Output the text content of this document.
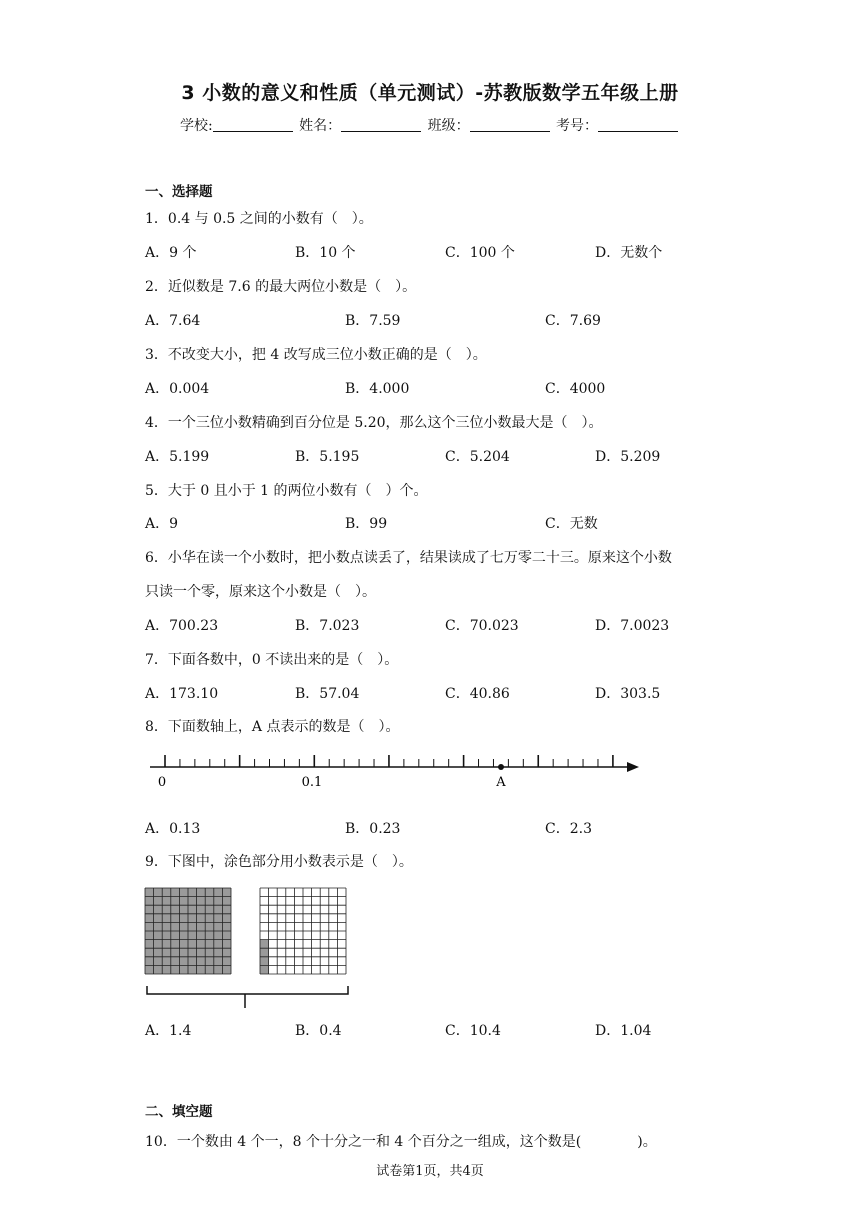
3 小数的意义和性质（单元测试）-苏教版数学五年级上册
学校:	姓名：	班级：	考号：
一、选择题
1．0.4 与 0.5 之间的小数有（　）。
A．9 个	B．10 个	C．100 个	D．无数个
2．近似数是 7.6 的最大两位小数是（　）。
A．7.64	B．7.59	C．7.69
3．不改变大小，把 4 改写成三位小数正确的是（　）。
A．0.004	B．4.000	C．4000
4．一个三位小数精确到百分位是 5.20，那么这个三位小数最大是（　）。
A．5.199	B．5.195	C．5.204	D．5.209
5．大于 0 且小于 1 的两位小数有（　）个。
A．9	B．99	C．无数
6．小华在读一个小数时，把小数点读丢了，结果读成了七万零二十三。原来这个小数
只读一个零，原来这个小数是（　）。
A．700.23	B．7.023	C．70.023	D．7.0023
7．下面各数中，0 不读出来的是（　）。
A．173.10	B．57.04	C．40.86	D．303.5
8．下面数轴上，A 点表示的数是（　）。
0	0.1	A
A．0.13	B．0.23	C．2.3
9．下图中，涂色部分用小数表示是（　）。
A．1.4	B．0.4	C．10.4	D．1.04
二、填空题
10．一个数由 4 个一，8 个十分之一和 4 个百分之一组成，这个数是(　　　　)。
试卷第1页，共4页
